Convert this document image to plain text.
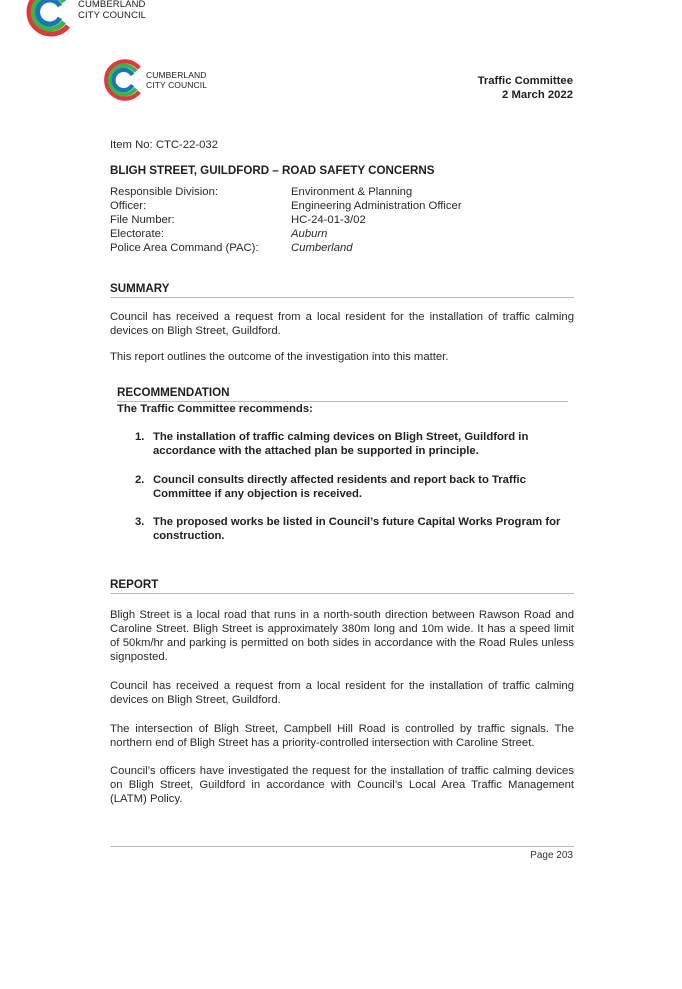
CUMBERLAND
CITY COUNCIL
CUMBERLAND
CITY COUNCIL	Traffic Committee
2 March 2022
Item No: CTC-22-032
BLIGH STREET, GUILDFORD – ROAD SAFETY CONCERNS
Responsible Division:	Environment & Planning
Officer:	Engineering Administration Officer
File Number:	HC-24-01-3/02
Electorate:	Auburn
Police Area Command (PAC):	Cumberland
SUMMARY
Council has received a request from a local resident for the installation of traffic calming devices on Bligh Street, Guildford.
This report outlines the outcome of the investigation into this matter.
RECOMMENDATION
The Traffic Committee recommends:
1. The installation of traffic calming devices on Bligh Street, Guildford in accordance with the attached plan be supported in principle.
2. Council consults directly affected residents and report back to Traffic Committee if any objection is received.
3. The proposed works be listed in Council’s future Capital Works Program for construction.
REPORT
Bligh Street is a local road that runs in a north-south direction between Rawson Road and Caroline Street. Bligh Street is approximately 380m long and 10m wide. It has a speed limit of 50km/hr and parking is permitted on both sides in accordance with the Road Rules unless signposted.
Council has received a request from a local resident for the installation of traffic calming devices on Bligh Street, Guildford.
The intersection of Bligh Street, Campbell Hill Road is controlled by traffic signals. The northern end of Bligh Street has a priority-controlled intersection with Caroline Street.
Council’s officers have investigated the request for the installation of traffic calming devices on Bligh Street, Guildford in accordance with Council’s Local Area Traffic Management (LATM) Policy.
Page 203
